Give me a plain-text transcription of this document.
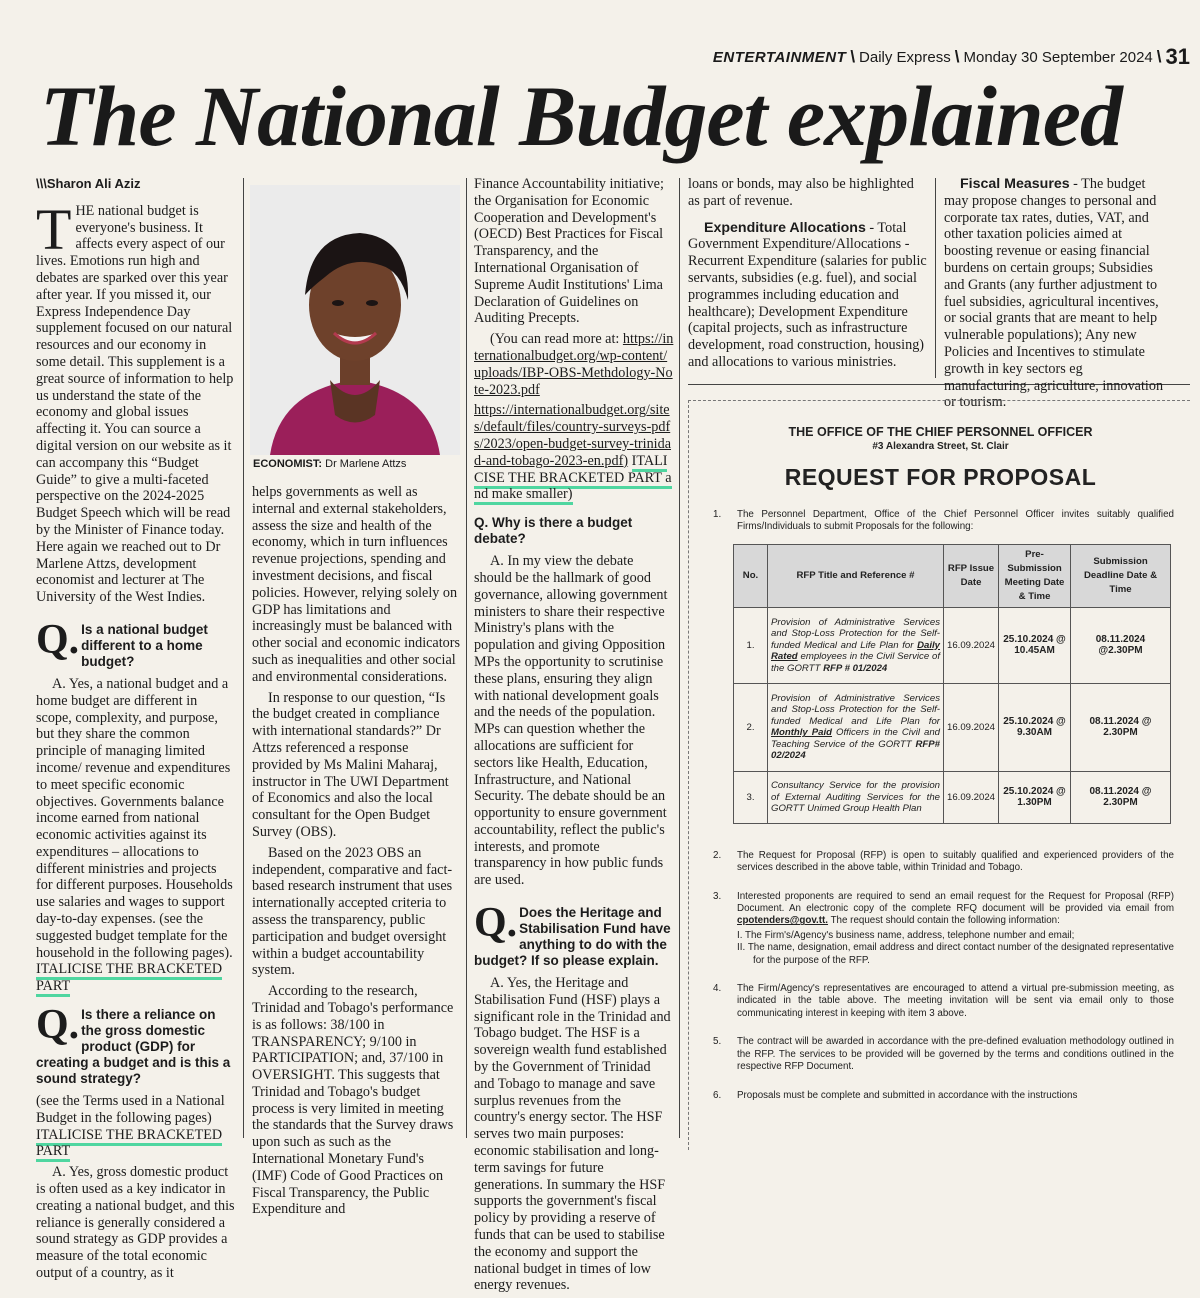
ENTERTAINMENT \ Daily Express \ Monday 30 September 2024 \ 31
The National Budget explained
\\\Sharon Ali Aziz

THE national budget is everyone's business. It affects every aspect of our lives. Emotions run high and debates are sparked over this year after year. If you missed it, our Express Independence Day supplement focused on our natural resources and our economy in some detail. This supplement is a great source of information to help us understand the state of the economy and global issues affecting it. You can source a digital version on our website as it can accompany this “Budget Guide” to give a multi-faceted perspective on the 2024-2025 Budget Speech which will be read by the Minister of Finance today. Here again we reached out to Dr Marlene Attzs, development economist and lecturer at The University of the West Indies.

Q. Is a national budget different to a home budget?

A. Yes, a national budget and a home budget are different in scope, complexity, and purpose, but they share the common principle of managing limited income/ revenue and expenditures to meet specific economic objectives. Governments balance income earned from national economic activities against its expenditures – allocations to different ministries and projects for different purposes. Households use salaries and wages to support day-to-day expenses. (see the suggested budget template for the household in the following pages). ITALICISE THE BRACKETED PART

Q. Is there a reliance on the gross domestic product (GDP) for creating a budget and is this a sound strategy?

(see the Terms used in a National Budget in the following pages) ITALICISE THE BRACKETED PART

A. Yes, gross domestic product is often used as a key indicator in creating a national budget, and this reliance is generally considered a sound strategy as GDP provides a measure of the total economic output of a country, as it

ECONOMIST: Dr Marlene Attzs

helps governments as well as internal and external stakeholders, assess the size and health of the economy, which in turn influences revenue projections, spending and investment decisions, and fiscal policies. However, relying solely on GDP has limitations and increasingly must be balanced with other social and economic indicators such as inequalities and other social and environmental considerations.

In response to our question, “Is the budget created in compliance with international standards?” Dr Attzs referenced a response provided by Ms Malini Maharaj, instructor in The UWI Department of Economics and also the local consultant for the Open Budget Survey (OBS).

Based on the 2023 OBS an independent, comparative and fact-based research instrument that uses internationally accepted criteria to assess the transparency, public participation and budget oversight within a budget accountability system.

According to the research, Trinidad and Tobago's performance is as follows: 38/100 in TRANSPARENCY; 9/100 in PARTICIPATION; and, 37/100 in OVERSIGHT. This suggests that Trinidad and Tobago's budget process is very limited in meeting the standards that the Survey draws upon such as such as the International Monetary Fund's (IMF) Code of Good Practices on Fiscal Transparency, the Public Expenditure and

Finance Accountability initiative; the Organisation for Economic Cooperation and Development's (OECD) Best Practices for Fiscal Transparency, and the International Organisation of Supreme Audit Institutions' Lima Declaration of Guidelines on Auditing Precepts.

(You can read more at: https://internationalbudget.org/wp-content/uploads/IBP-OBS-Methdology-Note-2023.pdf

https://internationalbudget.org/sites/default/files/country-surveys-pdfs/2023/open-budget-survey-trinidad-and-tobago-2023-en.pdf) ITALICISE THE BRACKETED PART and make smaller)

Q. Why is there a budget debate?

A. In my view the debate should be the hallmark of good governance, allowing government ministers to share their respective Ministry's plans with the population and giving Opposition MPs the opportunity to scrutinise these plans, ensuring they align with national development goals and the needs of the population. MPs can question whether the allocations are sufficient for sectors like Health, Education, Infrastructure, and National Security. The debate should be an opportunity to ensure government accountability, reflect the public's interests, and promote transparency in how public funds are used.

Q. Does the Heritage and Stabilisation Fund have anything to do with the budget? If so please explain.

A. Yes, the Heritage and Stabilisation Fund (HSF) plays a significant role in the Trinidad and Tobago budget. The HSF is a sovereign wealth fund established by the Government of Trinidad and Tobago to manage and save surplus revenues from the country's energy sector. The HSF serves two main purposes: economic stabilisation and long-term savings for future generations. In summary the HSF supports the government's fiscal policy by providing a reserve of funds that can be used to stabilise the economy and support the national budget in times of low energy revenues.

loans or bonds, may also be highlighted as part of revenue.

Expenditure Allocations - Total Government Expenditure/Allocations - Recurrent Expenditure (salaries for public servants, subsidies (e.g. fuel), and social programmes including education and healthcare); Development Expenditure (capital projects, such as infrastructure development, road construction, housing) and allocations to various ministries.

Fiscal Measures - The budget may propose changes to personal and corporate tax rates, duties, VAT, and other taxation policies aimed at boosting revenue or easing financial burdens on certain groups; Subsidies and Grants (any further adjustment to fuel subsidies, agricultural incentives, or social grants that are meant to help vulnerable populations); Any new Policies and Incentives to stimulate growth in key sectors eg manufacturing, agriculture, innovation or tourism.

THE OFFICE OF THE CHIEF PERSONNEL OFFICER
#3 Alexandra Street, St. Clair
REQUEST FOR PROPOSAL
1.	The Personnel Department, Office of the Chief Personnel Officer invites suitably qualified Firms/Individuals to submit Proposals for the following:
No.	RFP Title and Reference #	RFP Issue Date	Pre-Submission Meeting Date & Time	Submission Deadline Date & Time
1.	Provision of Administrative Services and Stop-Loss Protection for the Self-funded Medical and Life Plan for Daily Rated employees in the Civil Service of the GORTT RFP # 01/2024	16.09.2024	25.10.2024 @ 10.45AM	08.11.2024 @2.30PM
2.	Provision of Administrative Services and Stop-Loss Protection for the Self-funded Medical and Life Plan for Monthly Paid Officers in the Civil and Teaching Service of the GORTT RFP# 02/2024	16.09.2024	25.10.2024 @ 9.30AM	08.11.2024 @ 2.30PM
3.	Consultancy Service for the provision of External Auditing Services for the GORTT Unimed Group Health Plan	16.09.2024	25.10.2024 @ 1.30PM	08.11.2024 @ 2.30PM
2.	The Request for Proposal (RFP) is open to suitably qualified and experienced providers of the services described in the above table, within Trinidad and Tobago.
3.	Interested proponents are required to send an email request for the Request for Proposal (RFP) Document. An electronic copy of the complete RFQ document will be provided via email from cpotenders@gov.tt. The request should contain the following information:
I. The Firm's/Agency's business name, address, telephone number and email;
II. The name, designation, email address and direct contact number of the designated representative for the purpose of the RFP.
4.	The Firm/Agency's representatives are encouraged to attend a virtual pre-submission meeting, as indicated in the table above. The meeting invitation will be sent via email only to those communicating interest in keeping with item 3 above.
5.	The contract will be awarded in accordance with the pre-defined evaluation methodology outlined in the RFP. The services to be provided will be governed by the terms and conditions outlined in the respective RFP Document.
6.	Proposals must be complete and submitted in accordance with the instructions
